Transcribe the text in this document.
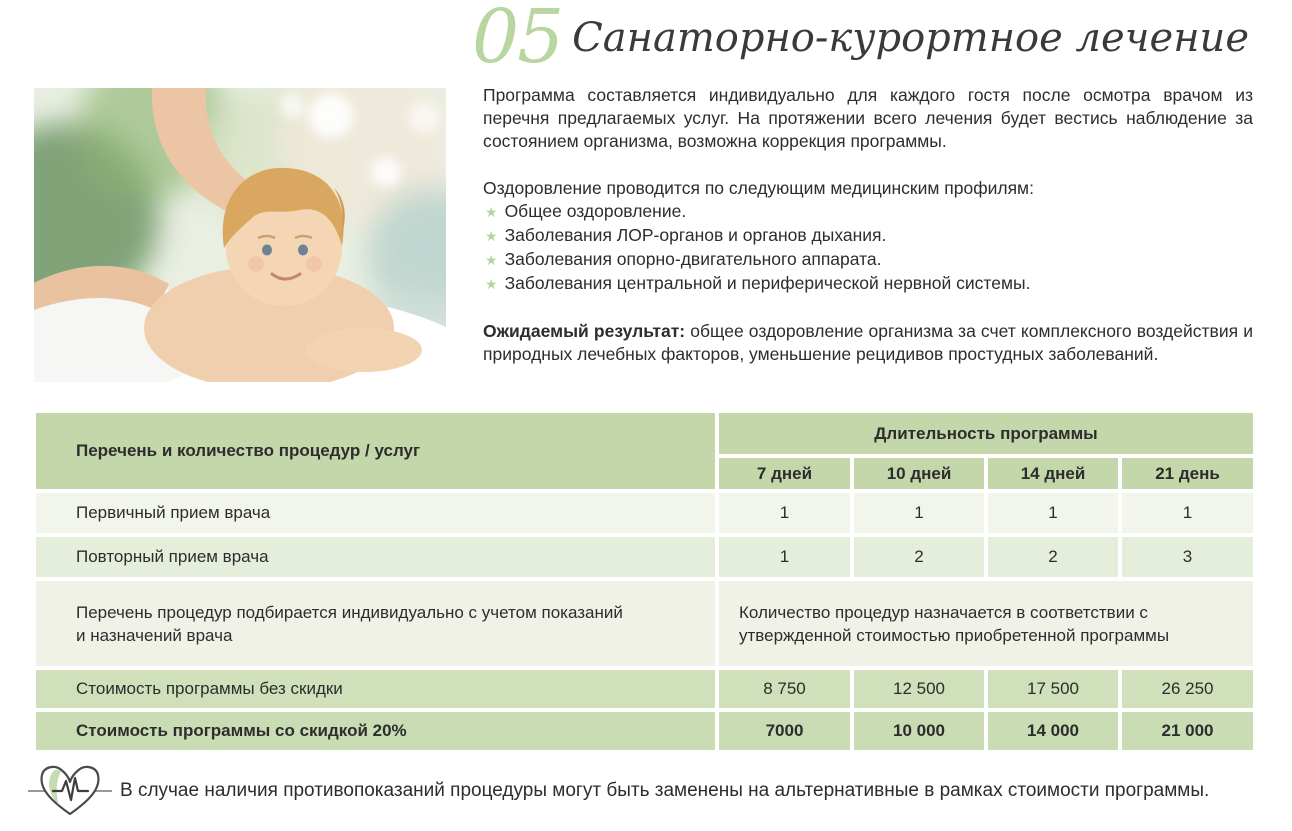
05 Санаторно-курортное лечение

Программа составляется индивидуально для каждого гостя после осмотра врачом из перечня предлагаемых услуг. На протяжении всего лечения будет вестись наблюдение за состоянием организма, возможна коррекция программы.

Оздоровление проводится по следующим медицинским профилям:

★ Общее оздоровление.
★ Заболевания ЛОР-органов и органов дыхания.
★ Заболевания опорно-двигательного аппарата.
★ Заболевания центральной и периферической нервной системы.

Ожидаемый результат: общее оздоровление организма за счет комплексного воздействия и природных лечебных факторов, уменьшение рецидивов простудных заболеваний.

Перечень и количество процедур / услуг
Длительность программы
7 дней	10 дней	14 дней	21 день
Первичный прием врача	1	1	1	1
Повторный прием врача	1	2	2	3
Перечень процедур подбирается индивидуально с учетом показаний и назначений врача
Количество процедур назначается в соответствии с утвержденной стоимостью приобретенной программы
Стоимость программы без скидки	8 750	12 500	17 500	26 250
Стоимость программы со скидкой 20%	7000	10 000	14 000	21 000
В случае наличия противопоказаний процедуры могут быть заменены на альтернативные в рамках стоимости программы.
